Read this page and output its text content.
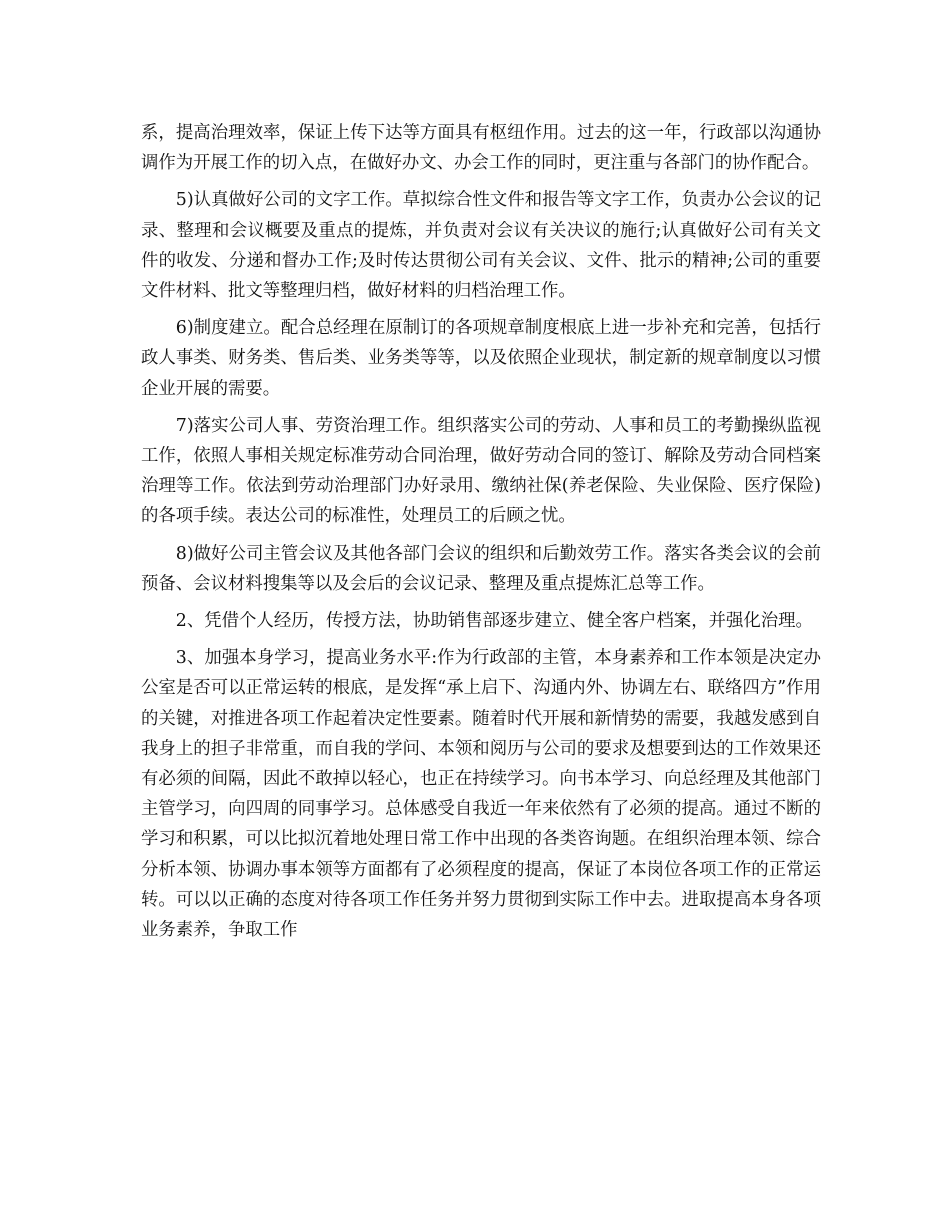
系，提高治理效率，保证上传下达等方面具有枢纽作用。过去的这一年，行政部以沟通协调作为开展工作的切入点，在做好办文、办会工作的同时，更注重与各部门的协作配合。

5)认真做好公司的文字工作。草拟综合性文件和报告等文字工作，负责办公会议的记录、整理和会议概要及重点的提炼，并负责对会议有关决议的施行;认真做好公司有关文件的收发、分递和督办工作;及时传达贯彻公司有关会议、文件、批示的精神;公司的重要文件材料、批文等整理归档，做好材料的归档治理工作。

6)制度建立。配合总经理在原制订的各项规章制度根底上进一步补充和完善，包括行政人事类、财务类、售后类、业务类等等，以及依照企业现状，制定新的规章制度以习惯企业开展的需要。

7)落实公司人事、劳资治理工作。组织落实公司的劳动、人事和员工的考勤操纵监视工作，依照人事相关规定标准劳动合同治理，做好劳动合同的签订、解除及劳动合同档案治理等工作。依法到劳动治理部门办好录用、缴纳社保(养老保险、失业保险、医疗保险)的各项手续。表达公司的标准性，处理员工的后顾之忧。

8)做好公司主管会议及其他各部门会议的组织和后勤效劳工作。落实各类会议的会前预备、会议材料搜集等以及会后的会议记录、整理及重点提炼汇总等工作。

2、凭借个人经历，传授方法，协助销售部逐步建立、健全客户档案，并强化治理。

3、加强本身学习，提高业务水平:作为行政部的主管，本身素养和工作本领是决定办公室是否可以正常运转的根底，是发挥“承上启下、沟通内外、协调左右、联络四方”作用的关键，对推进各项工作起着决定性要素。随着时代开展和新情势的需要，我越发感到自我身上的担子非常重，而自我的学问、本领和阅历与公司的要求及想要到达的工作效果还有必须的间隔，因此不敢掉以轻心，也正在持续学习。向书本学习、向总经理及其他部门主管学习，向四周的同事学习。总体感受自我近一年来依然有了必须的提高。通过不断的学习和积累，可以比拟沉着地处理日常工作中出现的各类咨询题。在组织治理本领、综合分析本领、协调办事本领等方面都有了必须程度的提高，保证了本岗位各项工作的正常运转。可以以正确的态度对待各项工作任务并努力贯彻到实际工作中去。进取提高本身各项业务素养，争取工作
